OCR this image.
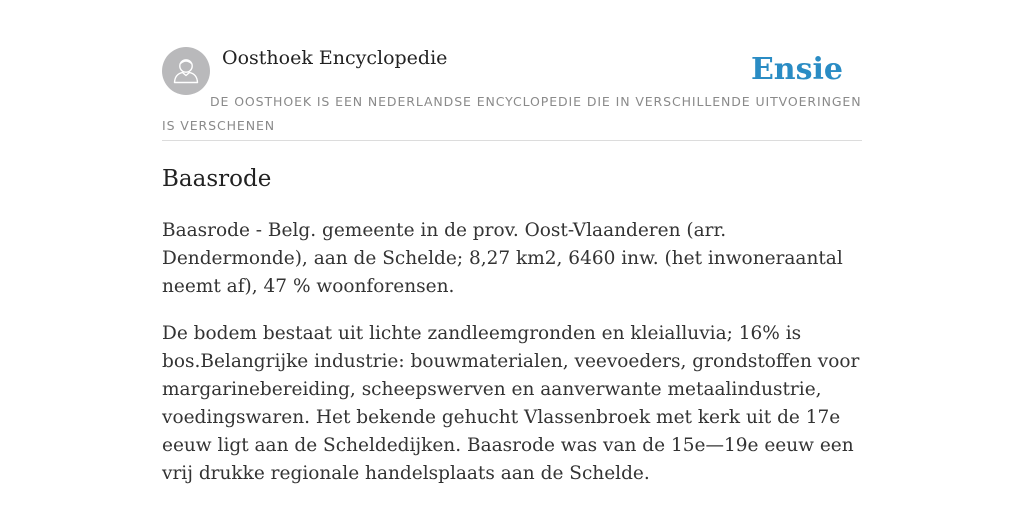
Oosthoek Encyclopedie	Ensie
DE OOSTHOEK IS EEN NEDERLANDSE ENCYCLOPEDIE DIE IN VERSCHILLENDE UITVOERINGEN IS VERSCHENEN
Baasrode

Baasrode - Belg. gemeente in de prov. Oost-Vlaanderen (arr. Dendermonde), aan de Schelde; 8,27 km2, 6460 inw. (het inwoneraantal neemt af), 47 % woonforensen.

De bodem bestaat uit lichte zandleemgronden en kleialluvia; 16% is bos.Belangrijke industrie: bouwmaterialen, veevoeders, grondstoffen voor margarinebereiding, scheepswerven en aanverwante metaalindustrie, voedingswaren. Het bekende gehucht Vlassenbroek met kerk uit de 17e eeuw ligt aan de Scheldedijken. Baasrode was van de 15e—19e eeuw een vrij drukke regionale handelsplaats aan de Schelde.
